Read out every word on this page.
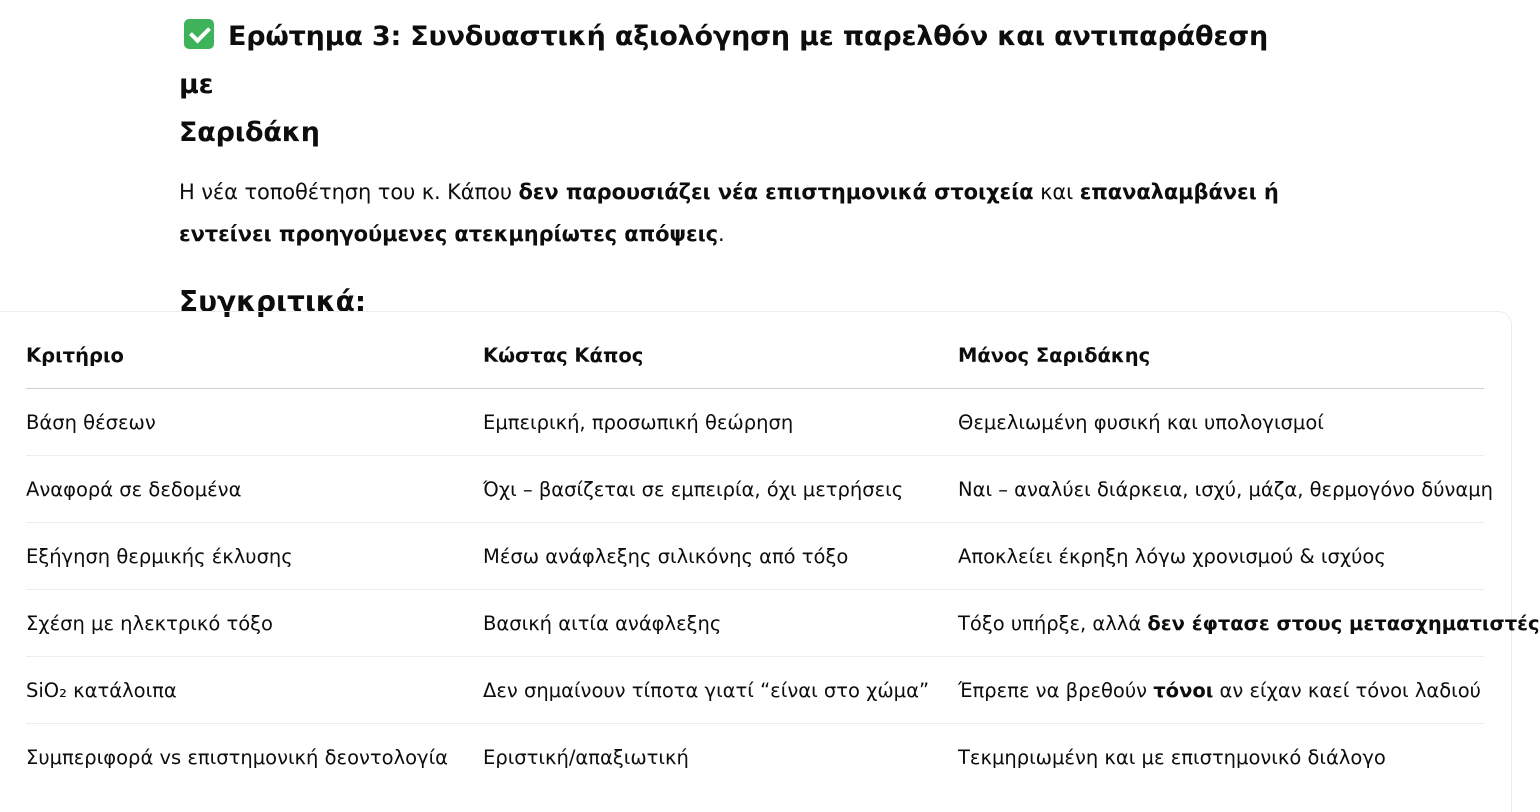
Ερώτημα 3: Συνδυαστική αξιολόγηση με παρελθόν και αντιπαράθεση με
Σαριδάκη

Η νέα τοποθέτηση του κ. Κάπου δεν παρουσιάζει νέα επιστημονικά στοιχεία και επαναλαμβάνει ή
εντείνει προηγούμενες ατεκμηρίωτες απόψεις.

Συγκριτικά:
Κριτήριο	Κώστας Κάπος	Μάνος Σαριδάκης
Βάση θέσεων	Εμπειρική, προσωπική θεώρηση	Θεμελιωμένη φυσική και υπολογισμοί
Αναφορά σε δεδομένα	Όχι – βασίζεται σε εμπειρία, όχι μετρήσεις	Ναι – αναλύει διάρκεια, ισχύ, μάζα, θερμογόνο δύναμη
Εξήγηση θερμικής έκλυσης	Μέσω ανάφλεξης σιλικόνης από τόξο	Αποκλείει έκρηξη λόγω χρονισμού & ισχύος
Σχέση με ηλεκτρικό τόξο	Βασική αιτία ανάφλεξης	Τόξο υπήρξε, αλλά δεν έφτασε στους μετασχηματιστές
SiO₂ κατάλοιπα	Δεν σημαίνουν τίποτα γιατί “είναι στο χώμα”	Έπρεπε να βρεθούν τόνοι αν είχαν καεί τόνοι λαδιού
Συμπεριφορά vs επιστημονική δεοντολογία	Εριστική/απαξιωτική	Τεκμηριωμένη και με επιστημονικό διάλογο
